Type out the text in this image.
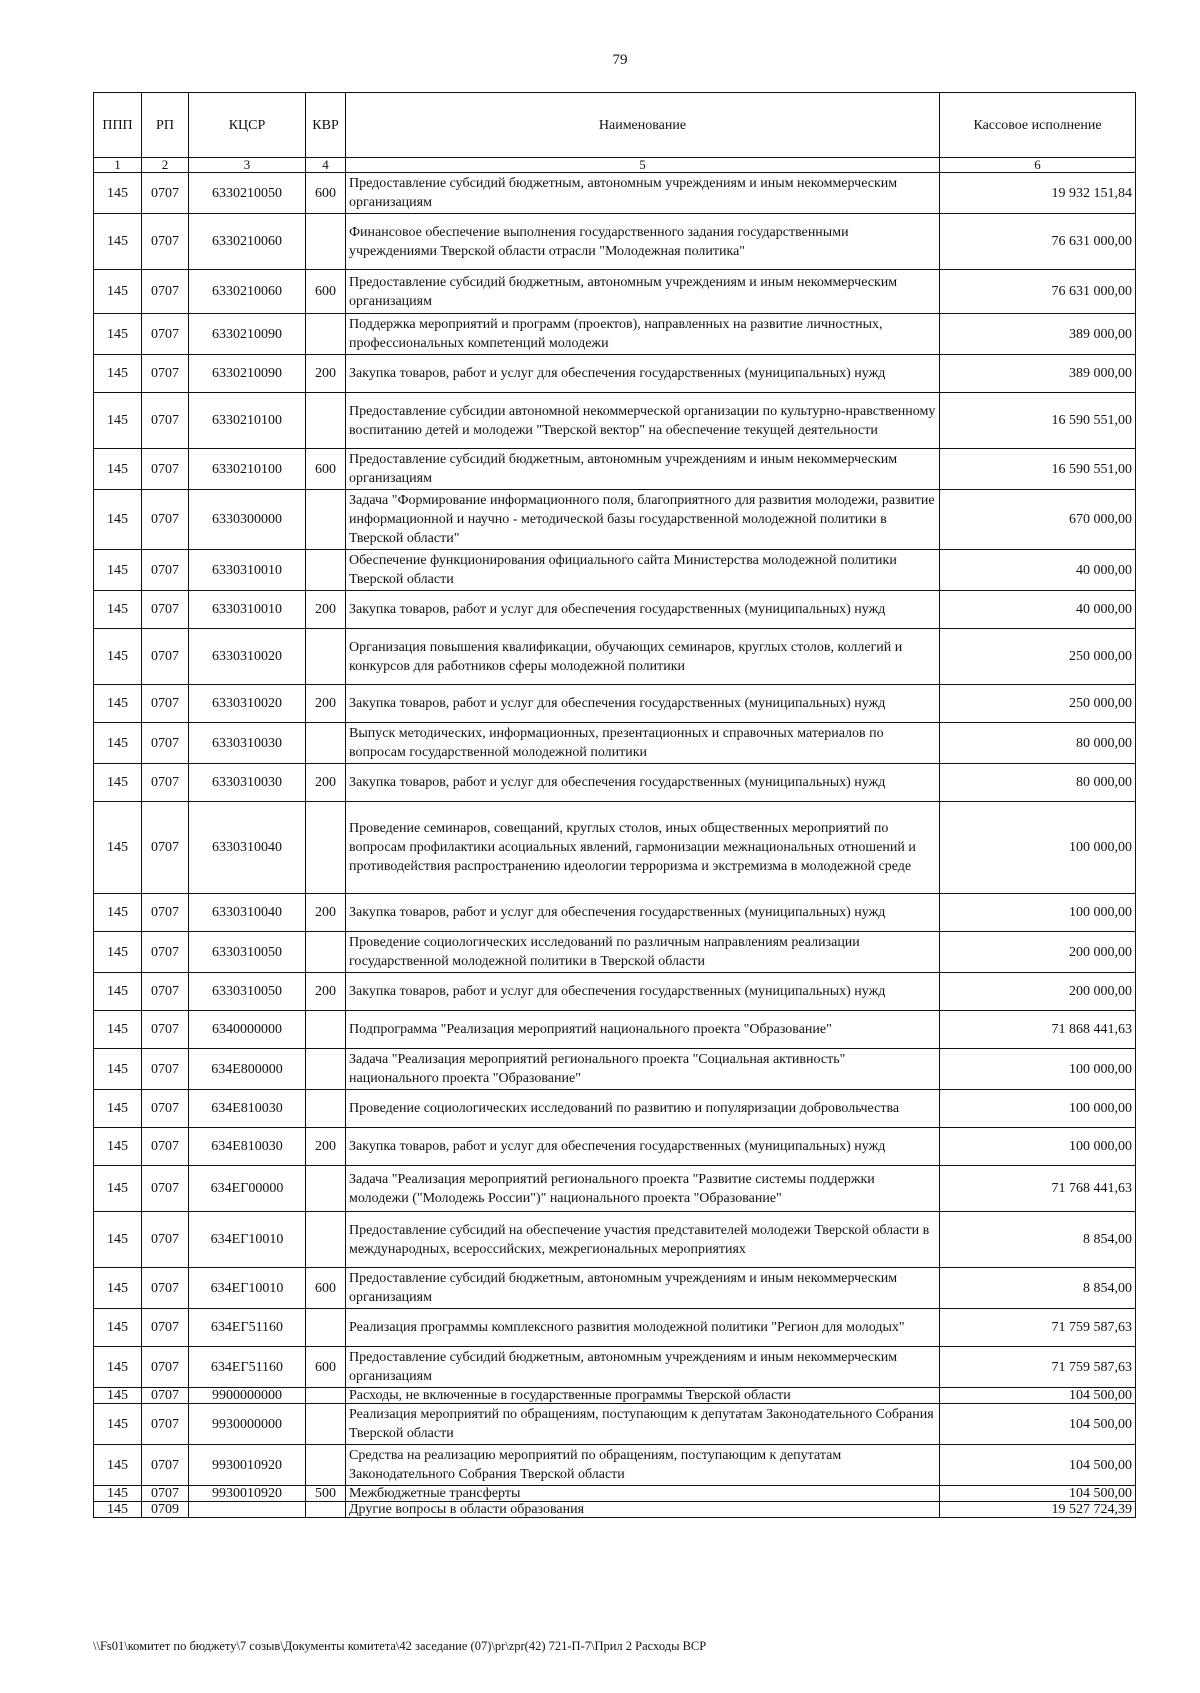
79
ППП	РП	КЦСР	КВР	Наименование	Кассовое исполнение
1	2	3	4	5	6
145	0707	6330210050	600	Предоставление субсидий бюджетным, автономным учреждениям и иным некоммерческим организациям	19 932 151,84
145	0707	6330210060		Финансовое обеспечение выполнения государственного задания государственными учреждениями Тверской области отрасли "Молодежная политика"	76 631 000,00
145	0707	6330210060	600	Предоставление субсидий бюджетным, автономным учреждениям и иным некоммерческим организациям	76 631 000,00
145	0707	6330210090		Поддержка мероприятий и программ (проектов), направленных на развитие личностных, профессиональных компетенций молодежи	389 000,00
145	0707	6330210090	200	Закупка товаров, работ и услуг для обеспечения государственных (муниципальных) нужд	389 000,00
145	0707	6330210100		Предоставление субсидии автономной некоммерческой организации по культурно-нравственному воспитанию детей и молодежи "Тверской вектор" на обеспечение текущей деятельности	16 590 551,00
145	0707	6330210100	600	Предоставление субсидий бюджетным, автономным учреждениям и иным некоммерческим организациям	16 590 551,00
145	0707	6330300000		Задача "Формирование информационного поля, благоприятного для развития молодежи, развитие информационной и научно - методической базы государственной молодежной политики в Тверской области"	670 000,00
145	0707	6330310010		Обеспечение функционирования официального сайта Министерства молодежной политики Тверской области	40 000,00
145	0707	6330310010	200	Закупка товаров, работ и услуг для обеспечения государственных (муниципальных) нужд	40 000,00
145	0707	6330310020		Организация повышения квалификации, обучающих семинаров, круглых столов, коллегий и конкурсов для работников сферы молодежной политики	250 000,00
145	0707	6330310020	200	Закупка товаров, работ и услуг для обеспечения государственных (муниципальных) нужд	250 000,00
145	0707	6330310030		Выпуск методических, информационных, презентационных и справочных материалов по вопросам государственной молодежной политики	80 000,00
145	0707	6330310030	200	Закупка товаров, работ и услуг для обеспечения государственных (муниципальных) нужд	80 000,00
145	0707	6330310040		Проведение семинаров, совещаний, круглых столов, иных общественных мероприятий по вопросам профилактики асоциальных явлений, гармонизации межнациональных отношений и противодействия распространению идеологии терроризма и экстремизма в молодежной среде	100 000,00
145	0707	6330310040	200	Закупка товаров, работ и услуг для обеспечения государственных (муниципальных) нужд	100 000,00
145	0707	6330310050		Проведение социологических исследований по различным направлениям реализации государственной молодежной политики в Тверской области	200 000,00
145	0707	6330310050	200	Закупка товаров, работ и услуг для обеспечения государственных (муниципальных) нужд	200 000,00
145	0707	6340000000		Подпрограмма "Реализация мероприятий национального проекта "Образование"	71 868 441,63
145	0707	634E800000		Задача "Реализация мероприятий регионального проекта "Социальная активность" национального проекта "Образование"	100 000,00
145	0707	634E810030		Проведение социологических исследований по развитию и популяризации добровольчества	100 000,00
145	0707	634E810030	200	Закупка товаров, работ и услуг для обеспечения государственных (муниципальных) нужд	100 000,00
145	0707	634EГ00000		Задача "Реализация мероприятий регионального проекта "Развитие системы поддержки молодежи ("Молодежь России")" национального проекта "Образование"	71 768 441,63
145	0707	634EГ10010		Предоставление субсидий на обеспечение участия представителей молодежи Тверской области в международных, всероссийских, межрегиональных мероприятиях	8 854,00
145	0707	634EГ10010	600	Предоставление субсидий бюджетным, автономным учреждениям и иным некоммерческим организациям	8 854,00
145	0707	634EГ51160		Реализация программы комплексного развития молодежной политики "Регион для молодых"	71 759 587,63
145	0707	634EГ51160	600	Предоставление субсидий бюджетным, автономным учреждениям и иным некоммерческим организациям	71 759 587,63
145	0707	9900000000		Расходы, не включенные в государственные программы Тверской области	104 500,00
145	0707	9930000000		Реализация мероприятий по обращениям, поступающим к депутатам Законодательного Собрания Тверской области	104 500,00
145	0707	9930010920		Средства на реализацию мероприятий по обращениям, поступающим к депутатам Законодательного Собрания Тверской области	104 500,00
145	0707	9930010920	500	Межбюджетные трансферты	104 500,00
145	0709			Другие вопросы в области образования	19 527 724,39
\\Fs01\комитет по бюджету\7 созыв\Документы комитета\42 заседание (07)\pr\zpr(42) 721-П-7\Прил 2 Расходы ВСР
